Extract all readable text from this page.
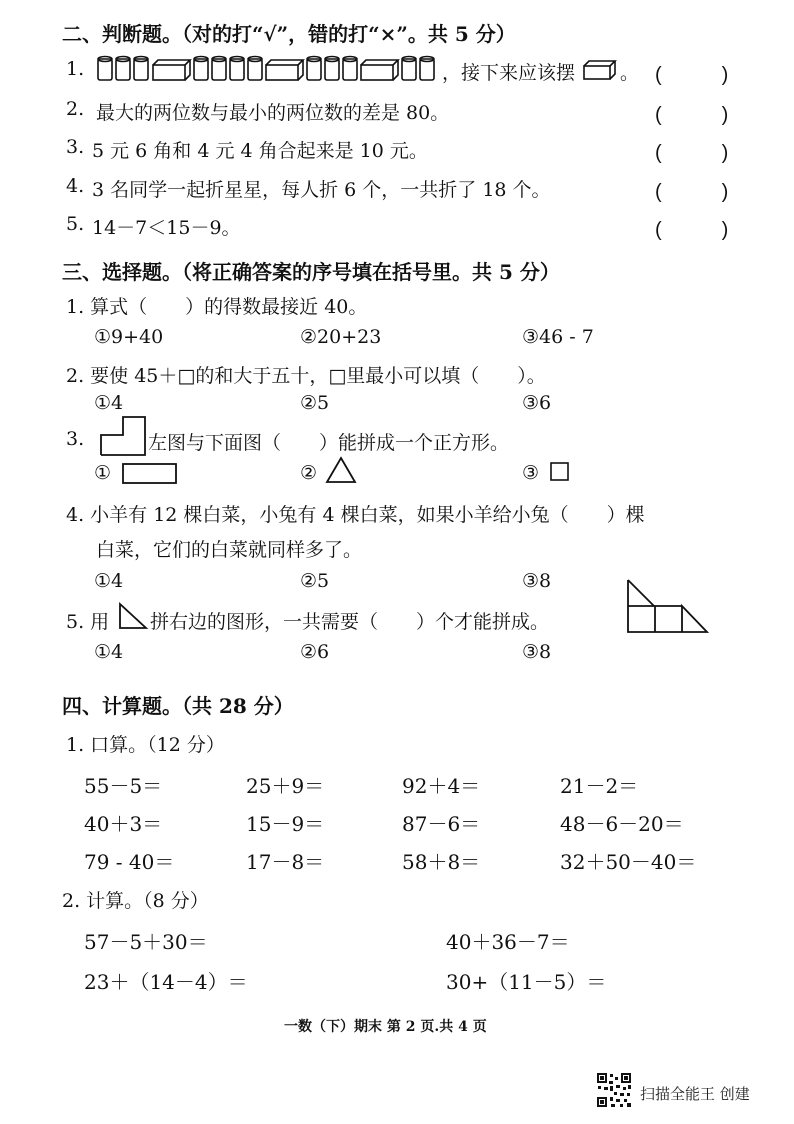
二、判断题。（对的打“√”，错的打“×”。共 5 分）
1.	，接下来应该摆 。 (　　　)
2. 最大的两位数与最小的两位数的差是 80。	(　　　)
3. 5 元 6 角和 4 元 4 角合起来是 10 元。	(　　　)
4. 3 名同学一起折星星，每人折 6 个，一共折了 18 个。	(　　　)
5. 14－7＜15－9。	(　　　)
三、选择题。（将正确答案的序号填在括号里。共 5 分）
1. 算式（　　）的得数最接近 40。
①9+40	②20+23	③46 - 7
2. 要使 45＋□的和大于五十，□里最小可以填（　　）。
①4	②5	③6
3.	左图与下面图（　　）能拼成一个正方形。
①	②	③
4. 小羊有 12 棵白菜，小兔有 4 棵白菜，如果小羊给小兔（　　）棵
白菜，它们的白菜就同样多了。
①4	②5	③8
5. 用 拼右边的图形，一共需要（　　）个才能拼成。
①4	②6	③8
四、计算题。（共 28 分）
1. 口算。（12 分）
55－5＝	25＋9＝	92＋4＝	21－2＝
40＋3＝	15－9＝	87－6＝	48－6－20＝
79 - 40＝	17－8＝	58＋8＝	32＋50－40＝
2. 计算。（8 分）
57－5＋30＝	40＋36－7＝
23＋（14－4）＝	30+（11－5）＝
一数（下）期末 第 2 页.共 4 页
扫描全能王 创建
